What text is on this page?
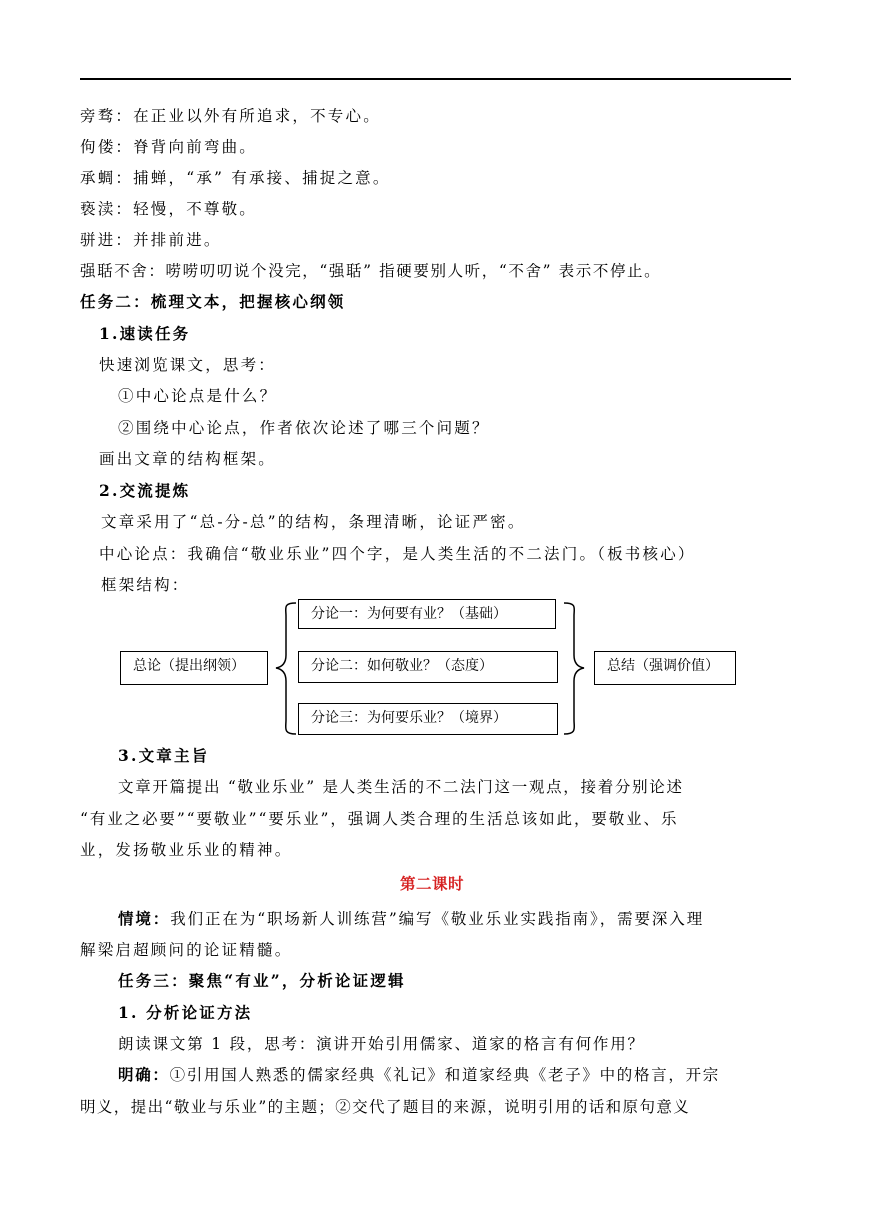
旁骛：在正业以外有所追求，不专心。
佝偻：脊背向前弯曲。
承蜩：捕蝉，“承” 有承接、捕捉之意。
亵渎：轻慢，不尊敬。
骈进：并排前进。
强聒不舍：唠唠叨叨说个没完，“强聒” 指硬要别人听，“不舍” 表示不停止。
任务二：梳理文本，把握核心纲领
1.速读任务
快速浏览课文，思考：
①中心论点是什么？
②围绕中心论点，作者依次论述了哪三个问题？
画出文章的结构框架。
2.交流提炼
文章采用了“总-分-总”的结构，条理清晰，论证严密。
中心论点：我确信“敬业乐业”四个字，是人类生活的不二法门。（板书核心）
框架结构：
总论（提出纲领）
分论一：为何要有业？（基础）
分论二：如何敬业？（态度）
分论三：为何要乐业？（境界）
总结（强调价值）
3.文章主旨
文章开篇提出 “敬业乐业” 是人类生活的不二法门这一观点，接着分别论述
“有业之必要”“要敬业”“要乐业”，强调人类合理的生活总该如此，要敬业、乐
业，发扬敬业乐业的精神。
第二课时
情境：我们正在为“职场新人训练营”编写《敬业乐业实践指南》，需要深入理
解梁启超顾问的论证精髓。
任务三：聚焦“有业”，分析论证逻辑
1. 分析论证方法
朗读课文第 1 段，思考：演讲开始引用儒家、道家的格言有何作用？
明确：①引用国人熟悉的儒家经典《礼记》和道家经典《老子》中的格言，开宗
明义，提出“敬业与乐业”的主题；②交代了题目的来源，说明引用的话和原句意义
